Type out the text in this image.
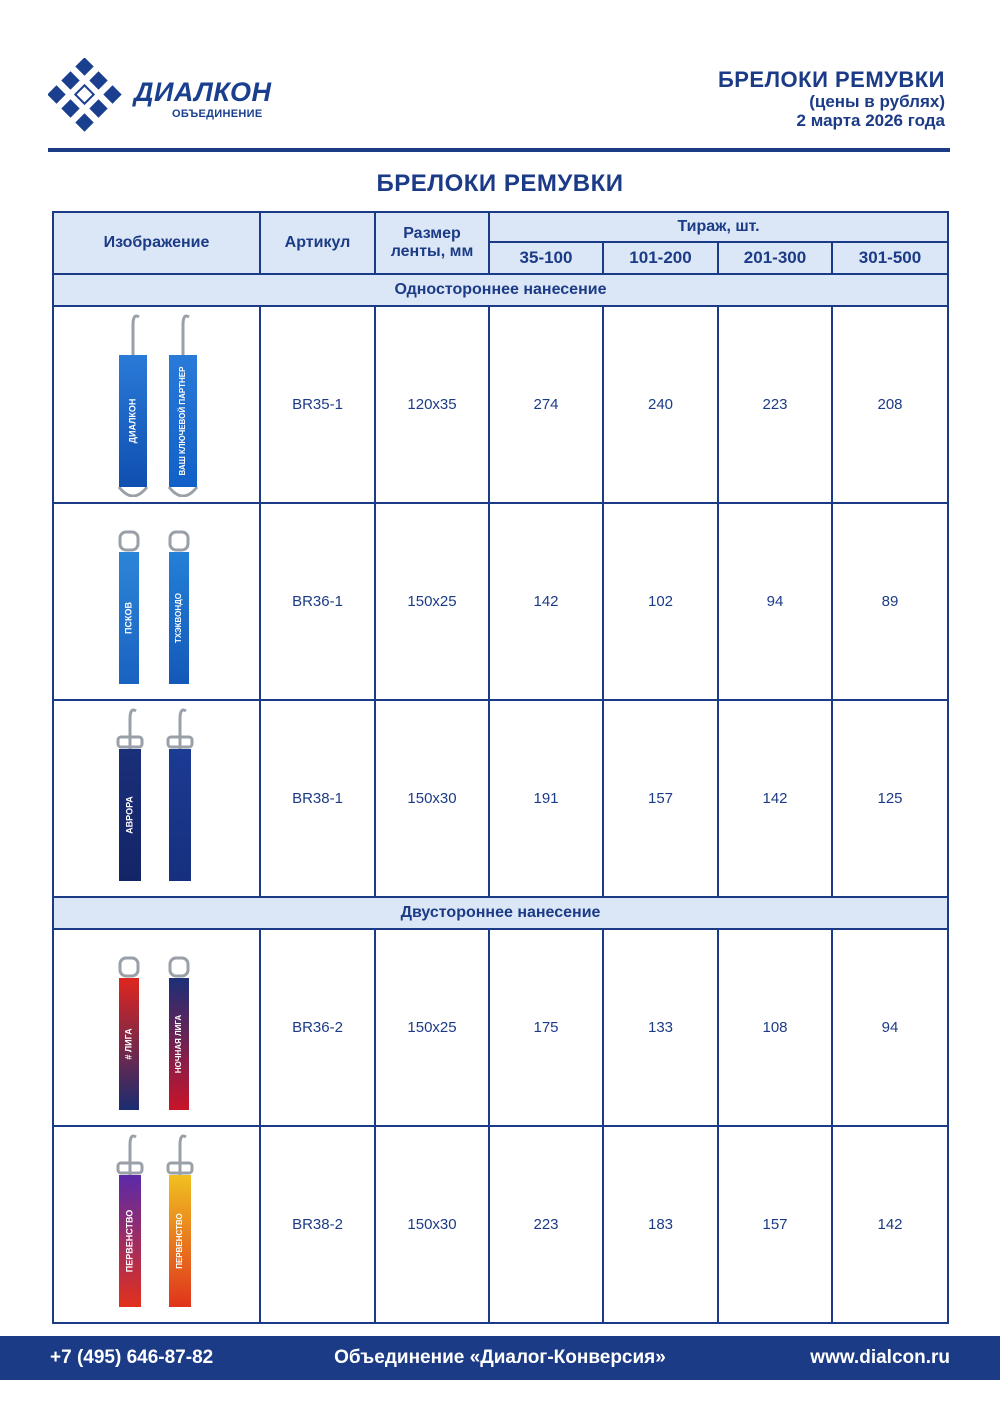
ДИАЛКОН
ОБЪЕДИНЕНИЕ
БРЕЛОКИ РЕМУВКИ
(цены в рублях)
2 марта 2026 года
БРЕЛОКИ РЕМУВКИ
Изображение	Артикул	Размер ленты, мм	Тираж, шт.			
			35-100	101-200	201-300	301-500
Одностороннее нанесение						

ДИАЛКОН ВАШ КЛЮЧЕВОЙ ПАРТНЕР	BR35-1	120x35	274	240	223	208

ПСКОВ ТХЭКВОНДО	BR36-1	150x25	142	102	94	89

АВРОРА	BR38-1	150x30	191	157	142	125
Двустороннее нанесение						

# ЛИГА НОЧНАЯ ЛИГА	BR36-2	150x25	175	133	108	94

ПЕРВЕНСТВО ПЕРВЕНСТВО	BR38-2	150x30	223	183	157	142
Объединение «Диалог-Конверсия»
+7 (495) 646-87-82	www.dialcon.ru
